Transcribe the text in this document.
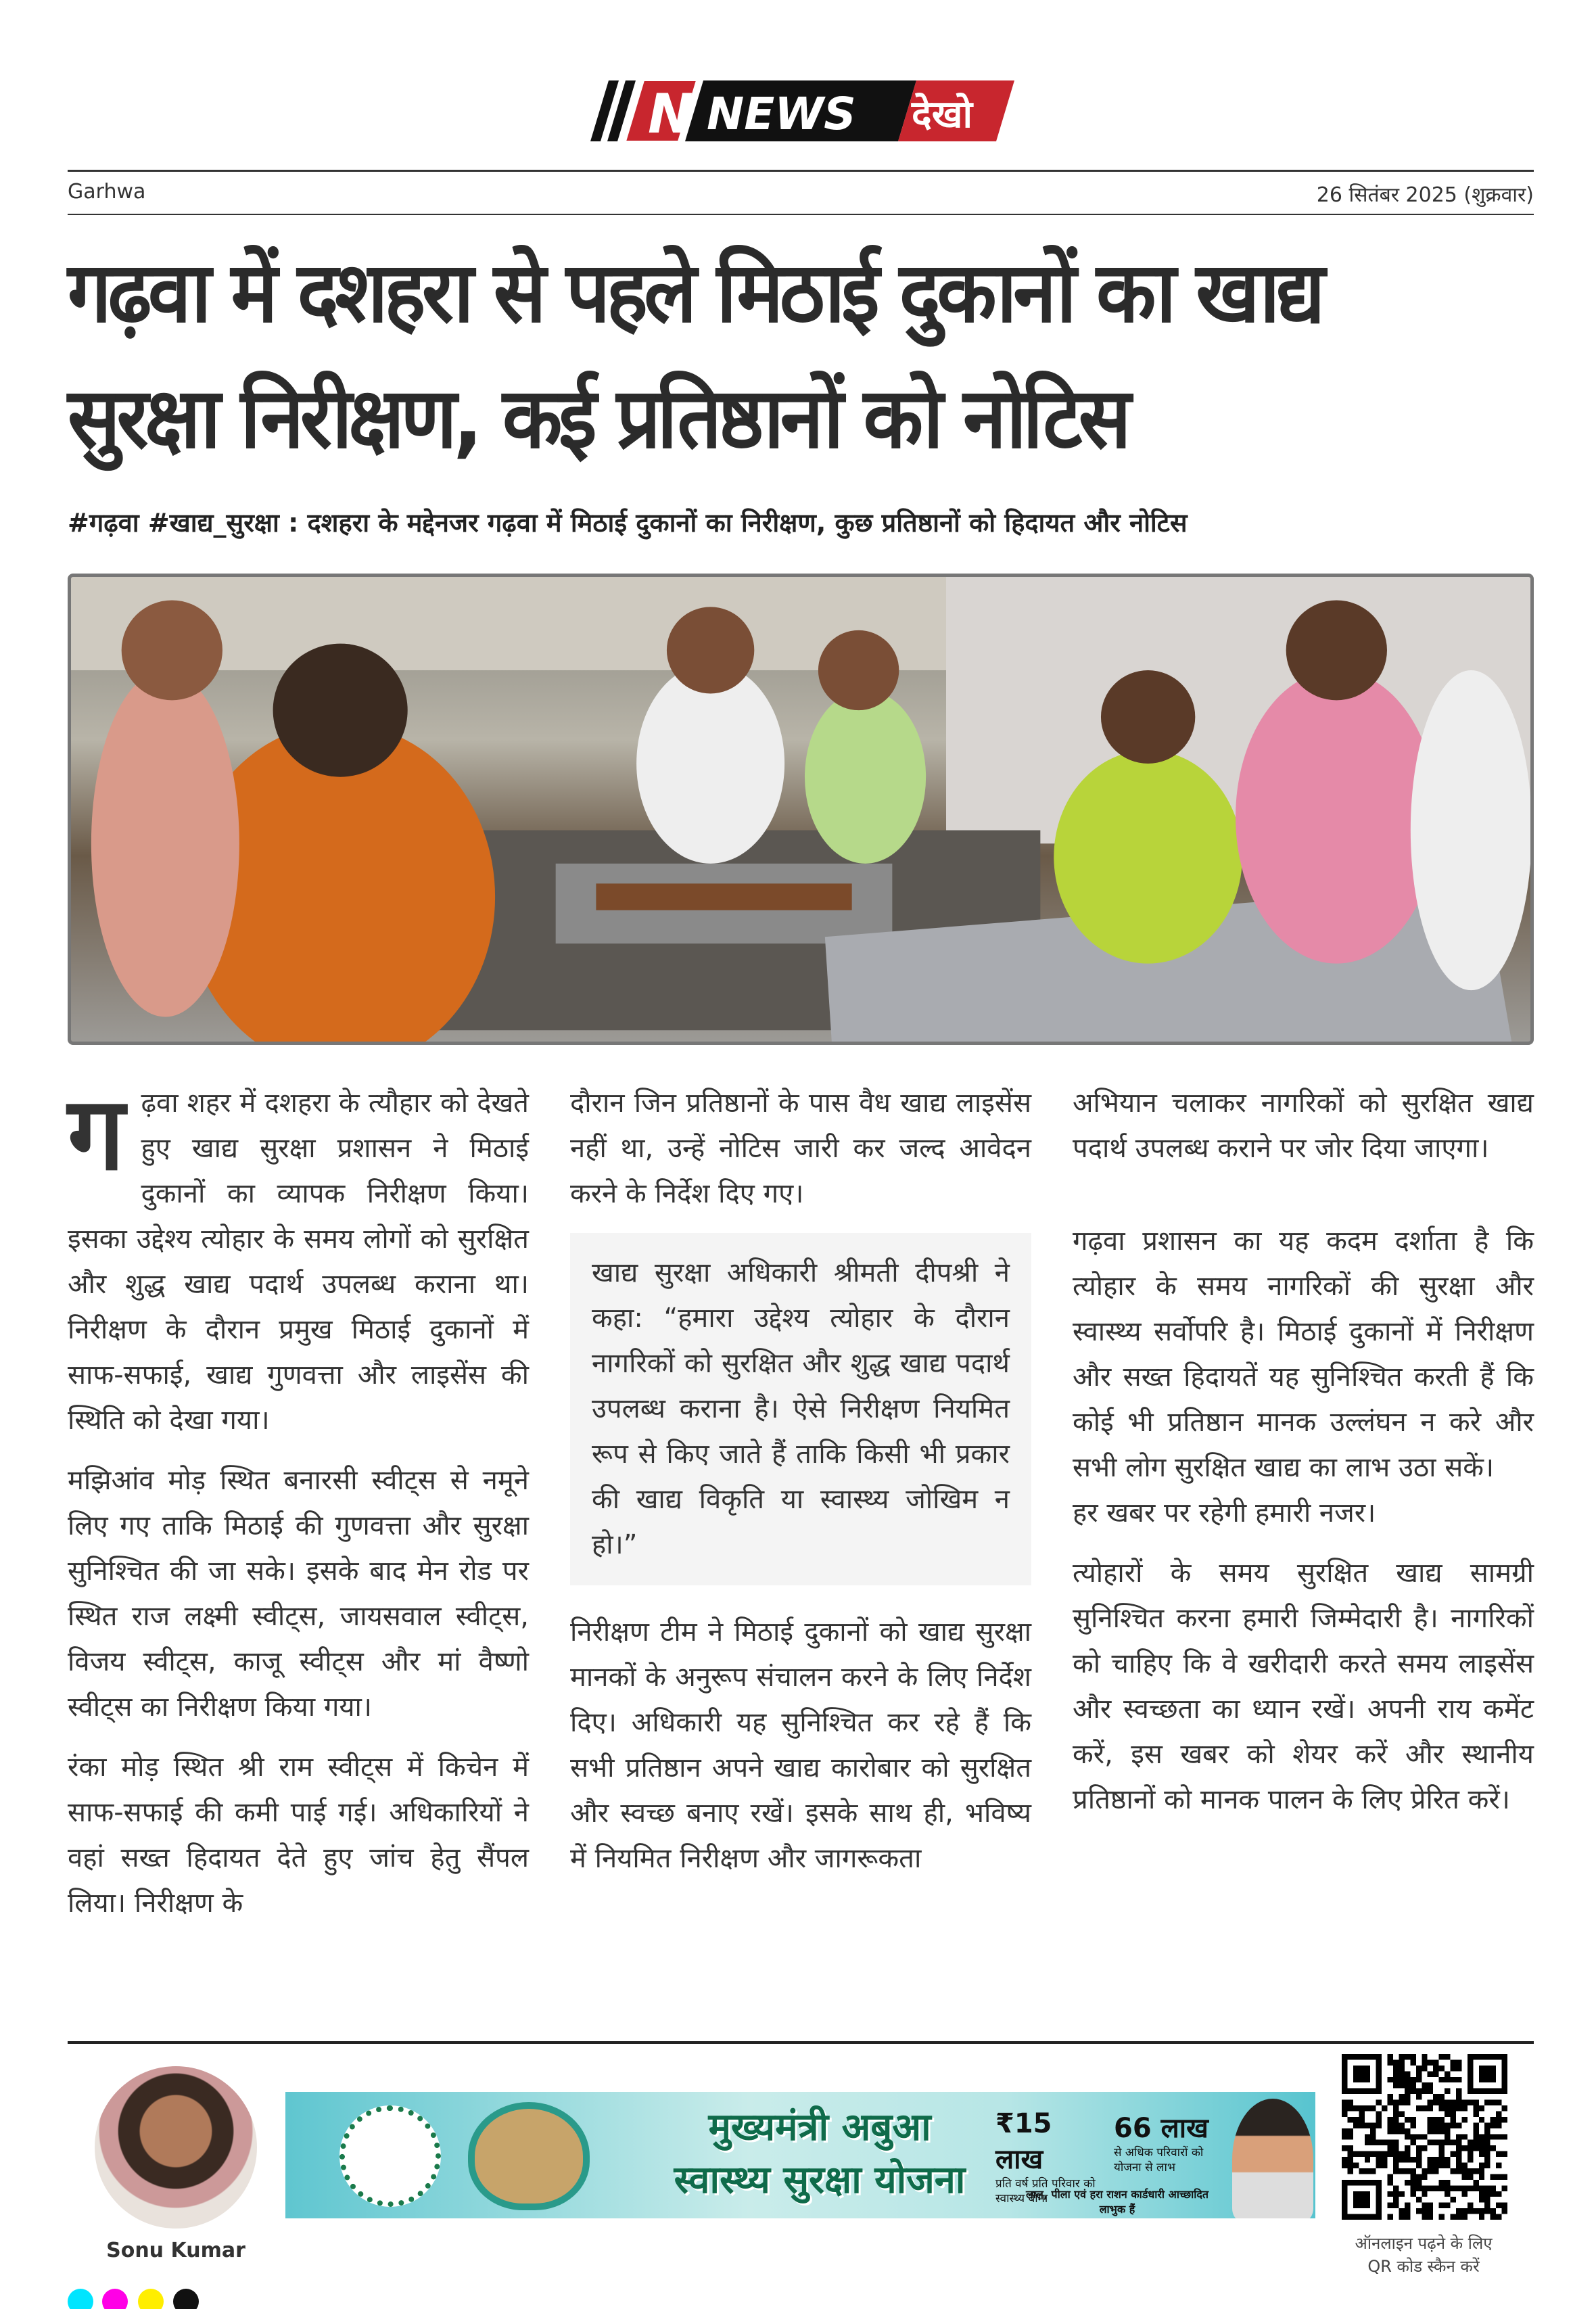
N NEWS देखो
Garhwa	26 सितंबर 2025 (शुक्रवार)
गढ़वा में दशहरा से पहले मिठाई दुकानों का खाद्य
सुरक्षा निरीक्षण, कई प्रतिष्ठानों को नोटिस
#गढ़वा #खाद्य_सुरक्षा : दशहरा के मद्देनजर गढ़वा में मिठाई दुकानों का निरीक्षण, कुछ प्रतिष्ठानों को हिदायत और नोटिस

गढ़वा शहर में दशहरा के त्यौहार को देखते हुए खाद्य सुरक्षा प्रशासन ने मिठाई दुकानों का व्यापक निरीक्षण किया। इसका उद्देश्य त्योहार के समय लोगों को सुरक्षित और शुद्ध खाद्य पदार्थ उपलब्ध कराना था। निरीक्षण के दौरान प्रमुख मिठाई दुकानों में साफ-सफाई, खाद्य गुणवत्ता और लाइसेंस की स्थिति को देखा गया।

मझिआंव मोड़ स्थित बनारसी स्वीट्स से नमूने लिए गए ताकि मिठाई की गुणवत्ता और सुरक्षा सुनिश्चित की जा सके। इसके बाद मेन रोड पर स्थित राज लक्ष्मी स्वीट्स, जायसवाल स्वीट्स, विजय स्वीट्स, काजू स्वीट्स और मां वैष्णो स्वीट्स का निरीक्षण किया गया।

रंका मोड़ स्थित श्री राम स्वीट्स में किचेन में साफ-सफाई की कमी पाई गई। अधिकारियों ने वहां सख्त हिदायत देते हुए जांच हेतु सैंपल लिया। निरीक्षण के

दौरान जिन प्रतिष्ठानों के पास वैध खाद्य लाइसेंस नहीं था, उन्हें नोटिस जारी कर जल्द आवेदन करने के निर्देश दिए गए।

खाद्य सुरक्षा अधिकारी श्रीमती दीपश्री ने कहा: “हमारा उद्देश्य त्योहार के दौरान नागरिकों को सुरक्षित और शुद्ध खाद्य पदार्थ उपलब्ध कराना है। ऐसे निरीक्षण नियमित रूप से किए जाते हैं ताकि किसी भी प्रकार की खाद्य विकृति या स्वास्थ्य जोखिम न हो।”

निरीक्षण टीम ने मिठाई दुकानों को खाद्य सुरक्षा मानकों के अनुरूप संचालन करने के लिए निर्देश दिए। अधिकारी यह सुनिश्चित कर रहे हैं कि सभी प्रतिष्ठान अपने खाद्य कारोबार को सुरक्षित और स्वच्छ बनाए रखें। इसके साथ ही, भविष्य में नियमित निरीक्षण और जागरूकता

अभियान चलाकर नागरिकों को सुरक्षित खाद्य पदार्थ उपलब्ध कराने पर जोर दिया जाएगा।

गढ़वा प्रशासन का यह कदम दर्शाता है कि त्योहार के समय नागरिकों की सुरक्षा और स्वास्थ्य सर्वोपरि है। मिठाई दुकानों में निरीक्षण और सख्त हिदायतें यह सुनिश्चित करती हैं कि कोई भी प्रतिष्ठान मानक उल्लंघन न करे और सभी लोग सुरक्षित खाद्य का लाभ उठा सकें।

हर खबर पर रहेगी हमारी नजर।

त्योहारों के समय सुरक्षित खाद्य सामग्री सुनिश्चित करना हमारी जिम्मेदारी है। नागरिकों को चाहिए कि वे खरीदारी करते समय लाइसेंस और स्वच्छता का ध्यान रखें। अपनी राय कमेंट करें, इस खबर को शेयर करें और स्थानीय प्रतिष्ठानों को मानक पालन के लिए प्रेरित करें।

Sonu Kumar
मुख्यमंत्री अबुआ
स्वास्थ्य सुरक्षा योजना
₹15 लाख
प्रति वर्ष प्रति परिवार को स्वास्थ्य बीमा
66 लाख
से अधिक परिवारों को योजना से लाभ
लाल, पीला एवं हरा राशन कार्डधारी आच्छादित लाभुक हैं
ऑनलाइन पढ़ने के लिए
QR कोड स्कैन करें
